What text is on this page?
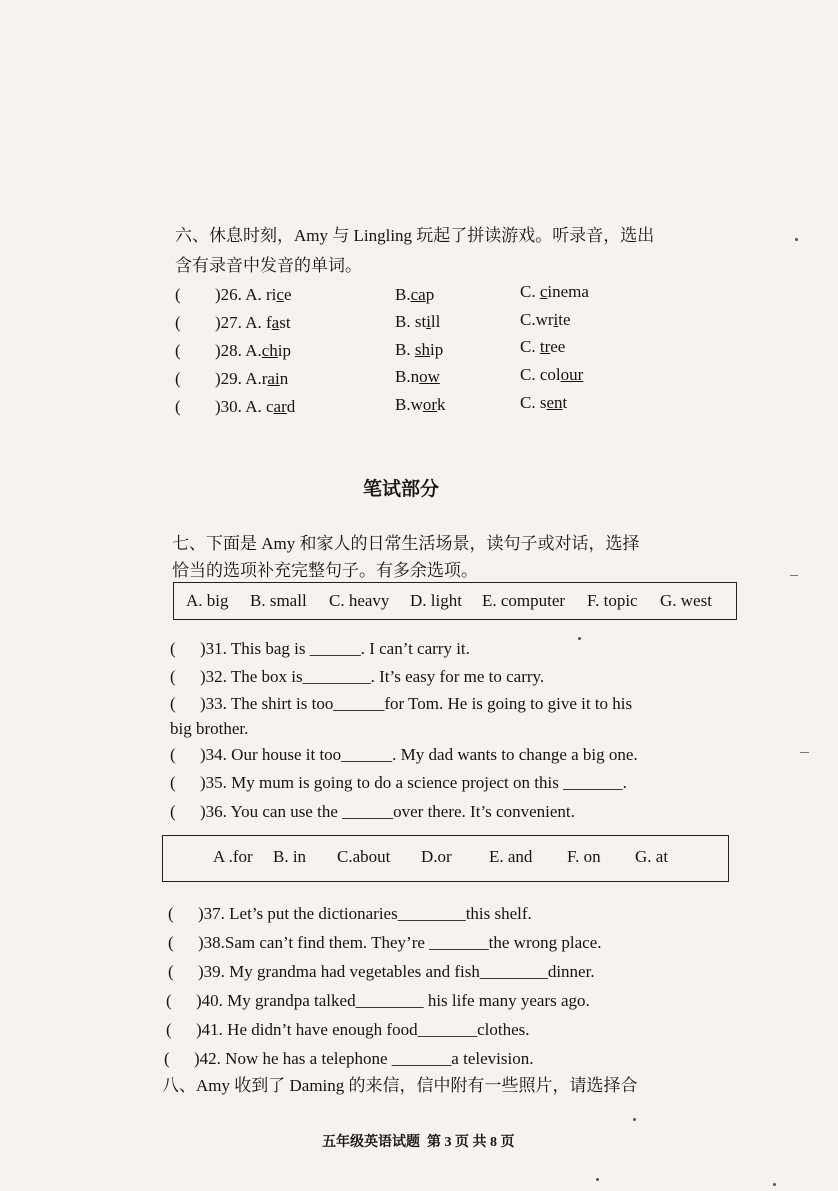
六、休息时刻，Amy 与 Lingling 玩起了拼读游戏。听录音，选出
含有录音中发音的单词。
( )26. A. rice	B.cap	C. cinema
( )27. A. fast	B. still	C.write
( )28. A.chip	B. ship	C. tree
( )29. A.rain	B.now	C. colour
( )30. A. card	B.work	C. sent
笔试部分
七、下面是 Amy 和家人的日常生活场景，读句子或对话，选择
恰当的选项补充完整句子。有多余选项。
A. big B. small C. heavy D. light E. computer F. topic G. west
( )31. This bag is ______. I can’t carry it.
( )32. The box is________. It’s easy for me to carry.
( )33. The shirt is too______for Tom. He is going to give it to his
big brother.
( )34. Our house it too______. My dad wants to change a big one.
( )35. My mum is going to do a science project on this _______.
( )36. You can use the ______over there. It’s convenient.
A .for B. in C.about D.or E. and F. on G. at
( )37. Let’s put the dictionaries________this shelf.
( )38.Sam can’t find them. They’re _______the wrong place.
( )39. My grandma had vegetables and fish________dinner.
( )40. My grandpa talked________ his life many years ago.
( )41. He didn’t have enough food_______clothes.
( )42. Now he has a telephone _______a television.
八、Amy 收到了 Daming 的来信，信中附有一些照片，请选择合
五年级英语试题  第 3 页 共 8 页
